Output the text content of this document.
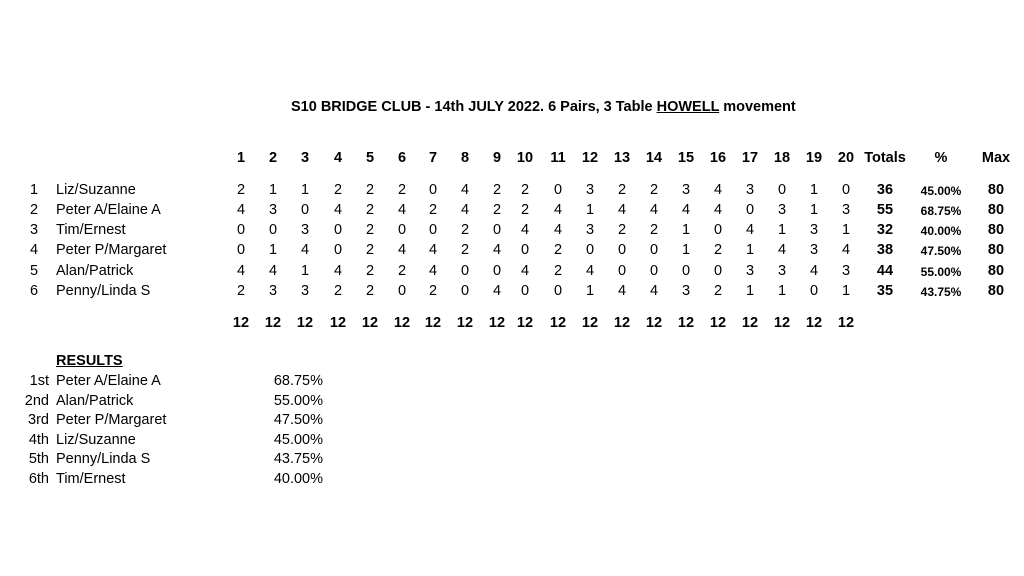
S10 BRIDGE CLUB - 14th JULY 2022. 6 Pairs, 3 Table HOWELL movement
1 2 3 4 5 6 7 8 9 10 11 12 13 14 15 16 17 18 19 20 Totals % Max
1 Liz/Suzanne	2 1 1 2 2 2 0 4 2 2 0 3 2 2 3 4 3 0 1 0 36 45.00% 80
2 Peter A/Elaine A	4 3 0 4 2 4 2 4 2 2 4 1 4 4 4 4 0 3 1 3 55 68.75% 80
3 Tim/Ernest	0 0 3 0 2 0 0 2 0 4 4 3 2 2 1 0 4 1 3 1 32 40.00% 80
4 Peter P/Margaret	0 1 4 0 2 4 4 2 4 0 2 0 0 0 1 2 1 4 3 4 38 47.50% 80
5 Alan/Patrick	4 4 1 4 2 2 4 0 0 4 2 4 0 0 0 0 3 3 4 3 44 55.00% 80
6 Penny/Linda S	2 3 3 2 2 0 2 0 4 0 0 1 4 4 3 2 1 1 0 1 35 43.75% 80
12 12 12 12 12 12 12 12 12 12 12 12 12 12 12 12 12 12 12 12
RESULTS
1st Peter A/Elaine A	68.75%
2nd Alan/Patrick	55.00%
3rd Peter P/Margaret	47.50%
4th Liz/Suzanne	45.00%
5th Penny/Linda S	43.75%
6th Tim/Ernest	40.00%
